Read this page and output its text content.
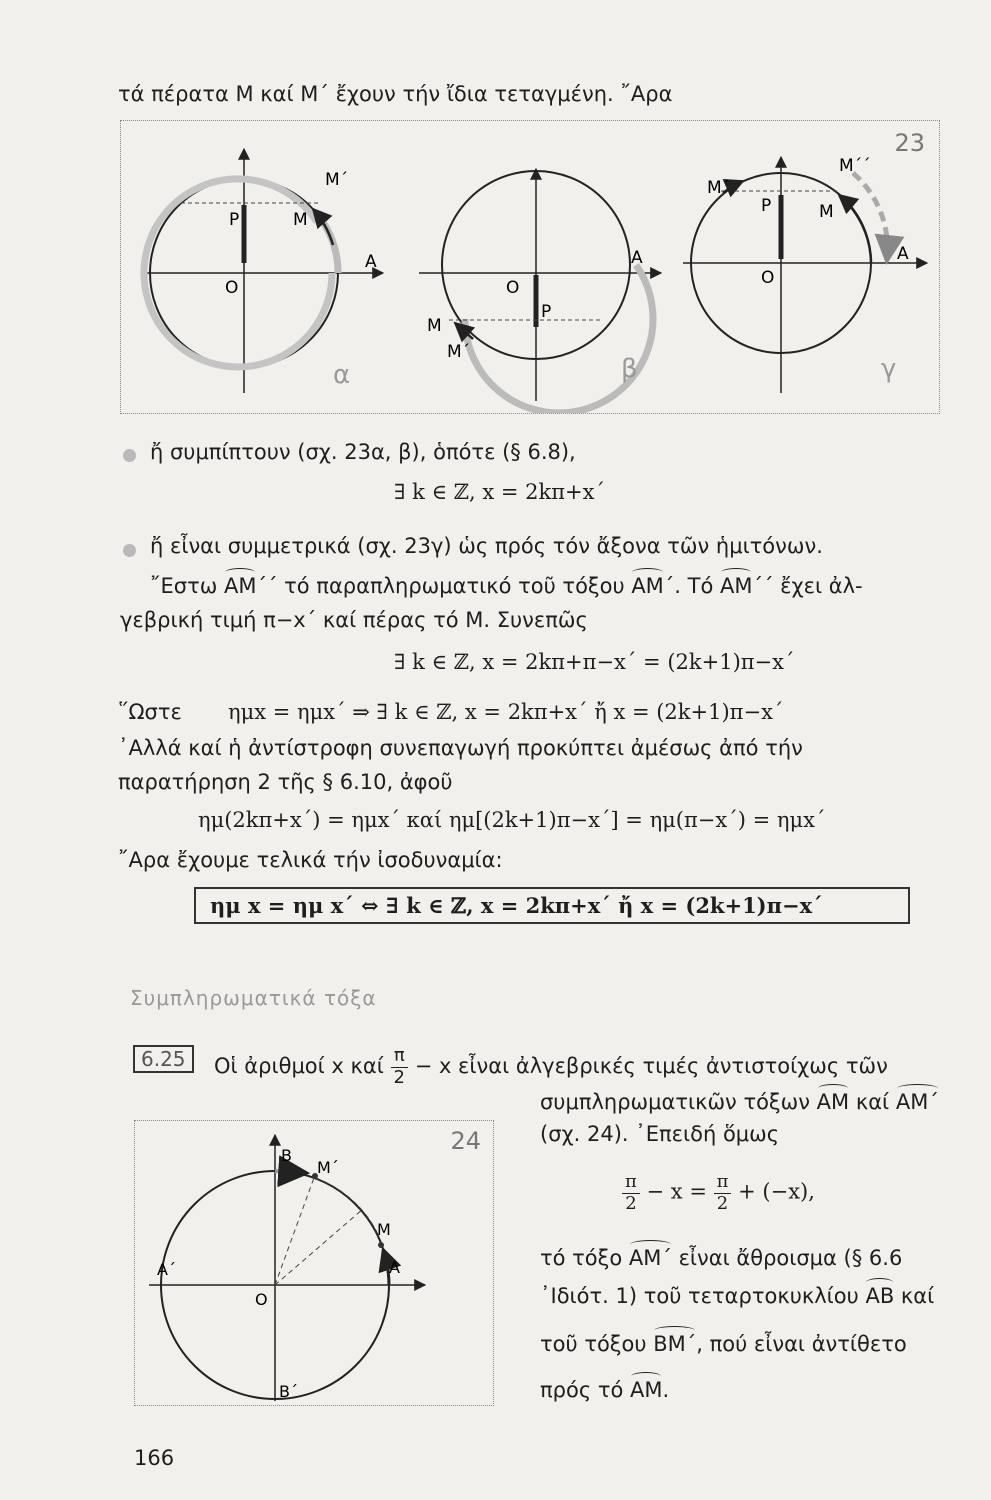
τά πέρατα Μ καί Μ΄ ἔχουν τήν ἴδια τεταγμένη. ῎Αρα
23
P	M
M΄
O
A
α
A
O
P
M
M΄
β
M΄
M΄΄
P	M
O
A
γ
ἤ συμπίπτουν (σχ. 23α, β), ὁπότε (§ 6.8),
∃ k ∈ ℤ, x = 2kπ+x΄
ἤ εἶναι συμμετρικά (σχ. 23γ) ὡς πρός τόν ἄξονα τῶν ἡμιτόνων.
῎Εστω AM΄΄ τό παραπληρωματικό τοῦ τόξου AM΄. Τό AM΄΄ ἔχει ἀλ-
γεβρική τιμή π−x΄ καί πέρας τό Μ. Συνεπῶς
∃ k ∈ ℤ, x = 2kπ+π−x΄ = (2k+1)π−x΄
῞Ωστε ημx = ημx΄ ⇒ ∃ k ∈ ℤ, x = 2kπ+x΄ ἤ x = (2k+1)π−x΄
᾿Αλλά καί ἡ ἀντίστροφη συνεπαγωγή προκύπτει ἀμέσως ἀπό τήν
παρατήρηση 2 τῆς § 6.10, ἀφοῦ
ημ(2kπ+x΄) = ημx΄ καί ημ[(2k+1)π−x΄] = ημ(π−x΄) = ημx΄
῎Αρα ἔχουμε τελικά τήν ἰσοδυναμία:
ημ x = ημ x΄ ⇔ ∃ k ∈ ℤ, x = 2kπ+x΄ ἤ x = (2k+1)π−x΄
Συμπληρωματικά τόξα
6.25	Οἱ ἀριθμοί x καί $\frac{\pi}{2} - x$ εἶναι ἀλγεβρικές τιμές ἀντιστοίχως τῶν
συμπληρωματικῶν τόξων AM καί AM΄
(σχ. 24). ᾿Επειδή ὅμως
$\frac{\pi}{2} - x = \frac{\pi}{2} + (-x)$,
τό τόξο AM΄ εἶναι ἄθροισμα (§ 6.6
᾿Ιδιότ. 1) τοῦ τεταρτοκυκλίου AB καί
τοῦ τόξου BM΄, πού εἶναι ἀντίθετο
πρός τό AM.
24
B
M΄
M
A΄
O
A
B΄
166
